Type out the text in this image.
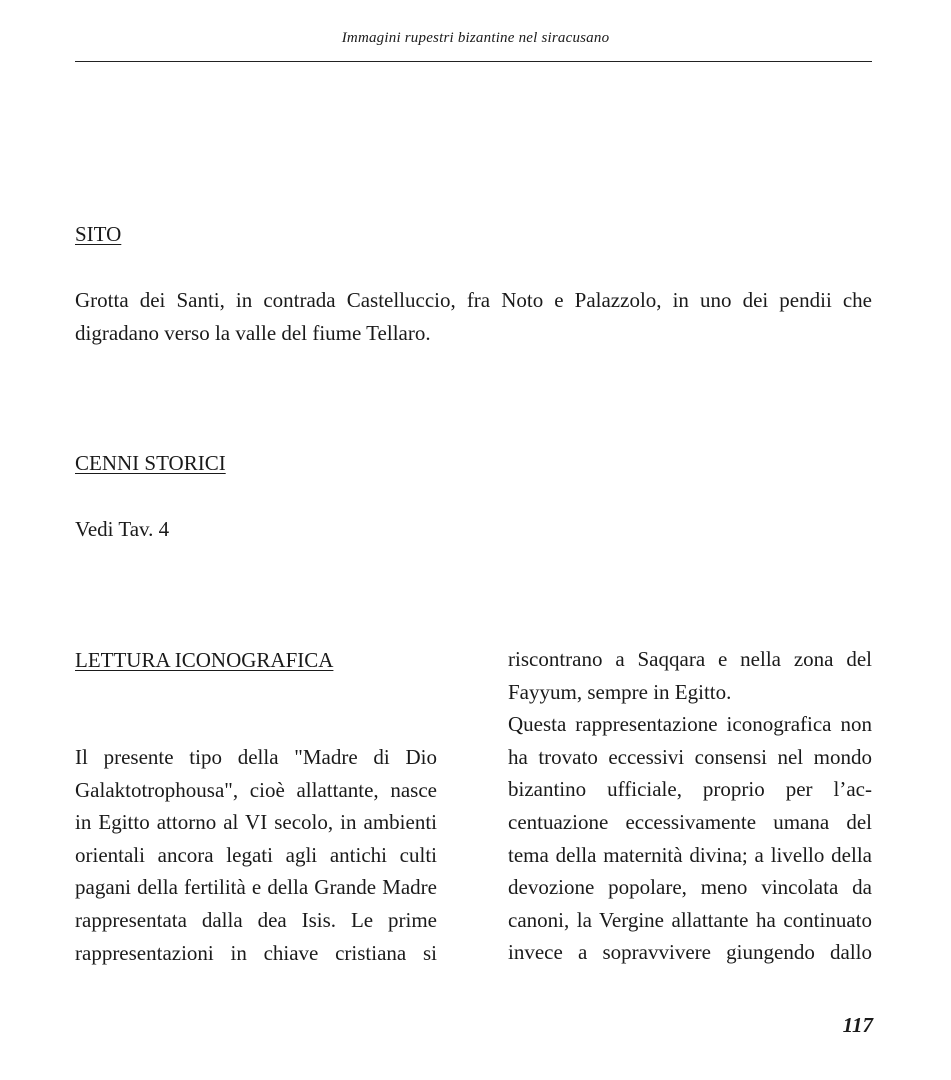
Immagini rupestri bizantine nel siracusano
SITO
Grotta dei Santi, in contrada Castelluccio, fra Noto e Palazzolo, in uno dei pendii che
digradano verso la valle del fiume Tellaro.
CENNI STORICI
Vedi Tav. 4
LETTURA ICONOGRAFICA
Il presente tipo della "Madre di Dio
Galaktotrophousa", cioè allattante, nasce
in Egitto attorno al VI secolo, in ambienti
orientali ancora legati agli antichi culti
pagani della fertilità e della Grande Madre
rappresentata dalla dea Isis. Le prime
rappresentazioni in chiave cristiana si
riscontrano a Saqqara e nella zona del
Fayyum, sempre in Egitto.
Questa rappresentazione iconografica non
ha trovato eccessivi consensi nel mondo
bizantino ufficiale, proprio per l’ac-
centuazione eccessivamente umana del
tema della maternità divina; a livello della
devozione popolare, meno vincolata da
canoni, la Vergine allattante ha continuato
invece a sopravvivere giungendo dallo
117
